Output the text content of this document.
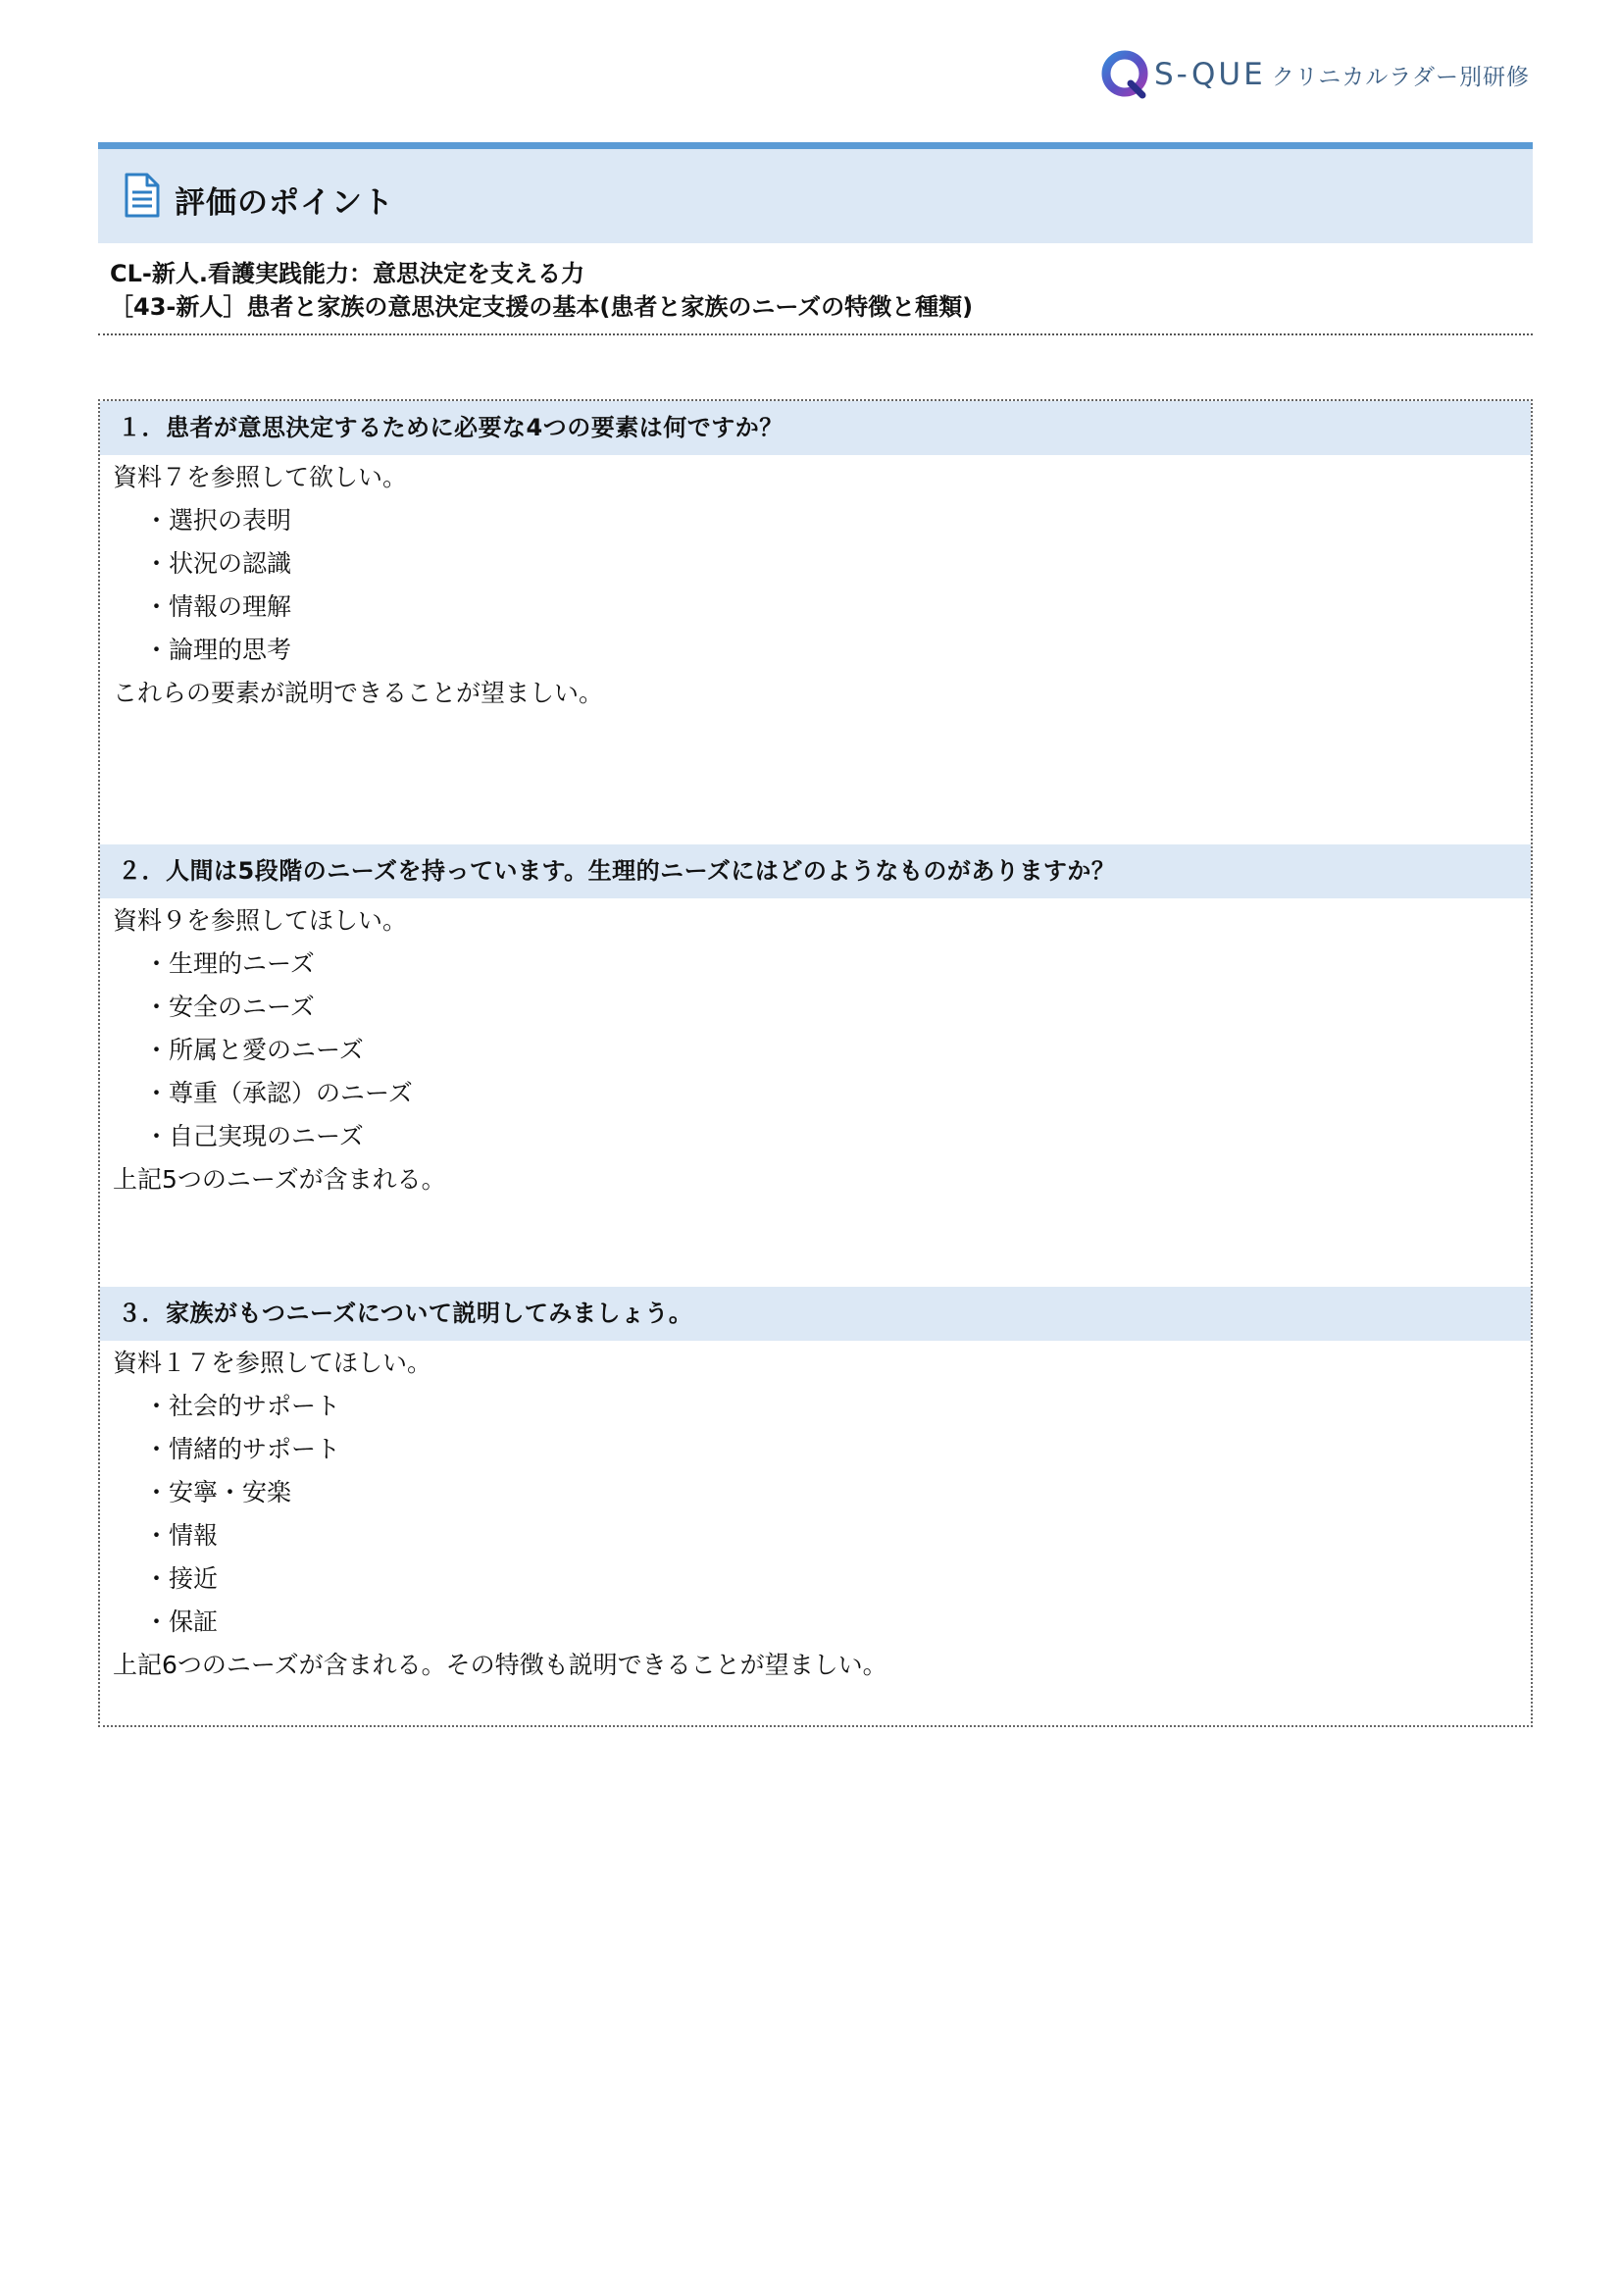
S-QUE クリニカルラダー別研修
評価のポイント
CL-新人.看護実践能力：意思決定を支える力
［43-新人］患者と家族の意思決定支援の基本(患者と家族のニーズの特徴と種類)
１．患者が意思決定するために必要な4つの要素は何ですか？
資料７を参照して欲しい。
・選択の表明
・状況の認識
・情報の理解
・論理的思考
これらの要素が説明できることが望ましい。
２．人間は5段階のニーズを持っています。生理的ニーズにはどのようなものがありますか？
資料９を参照してほしい。
・生理的ニーズ
・安全のニーズ
・所属と愛のニーズ
・尊重（承認）のニーズ
・自己実現のニーズ
上記5つのニーズが含まれる。
３．家族がもつニーズについて説明してみましょう。
資料１７を参照してほしい。
・社会的サポート
・情緒的サポート
・安寧・安楽
・情報
・接近
・保証
上記6つのニーズが含まれる。その特徴も説明できることが望ましい。
